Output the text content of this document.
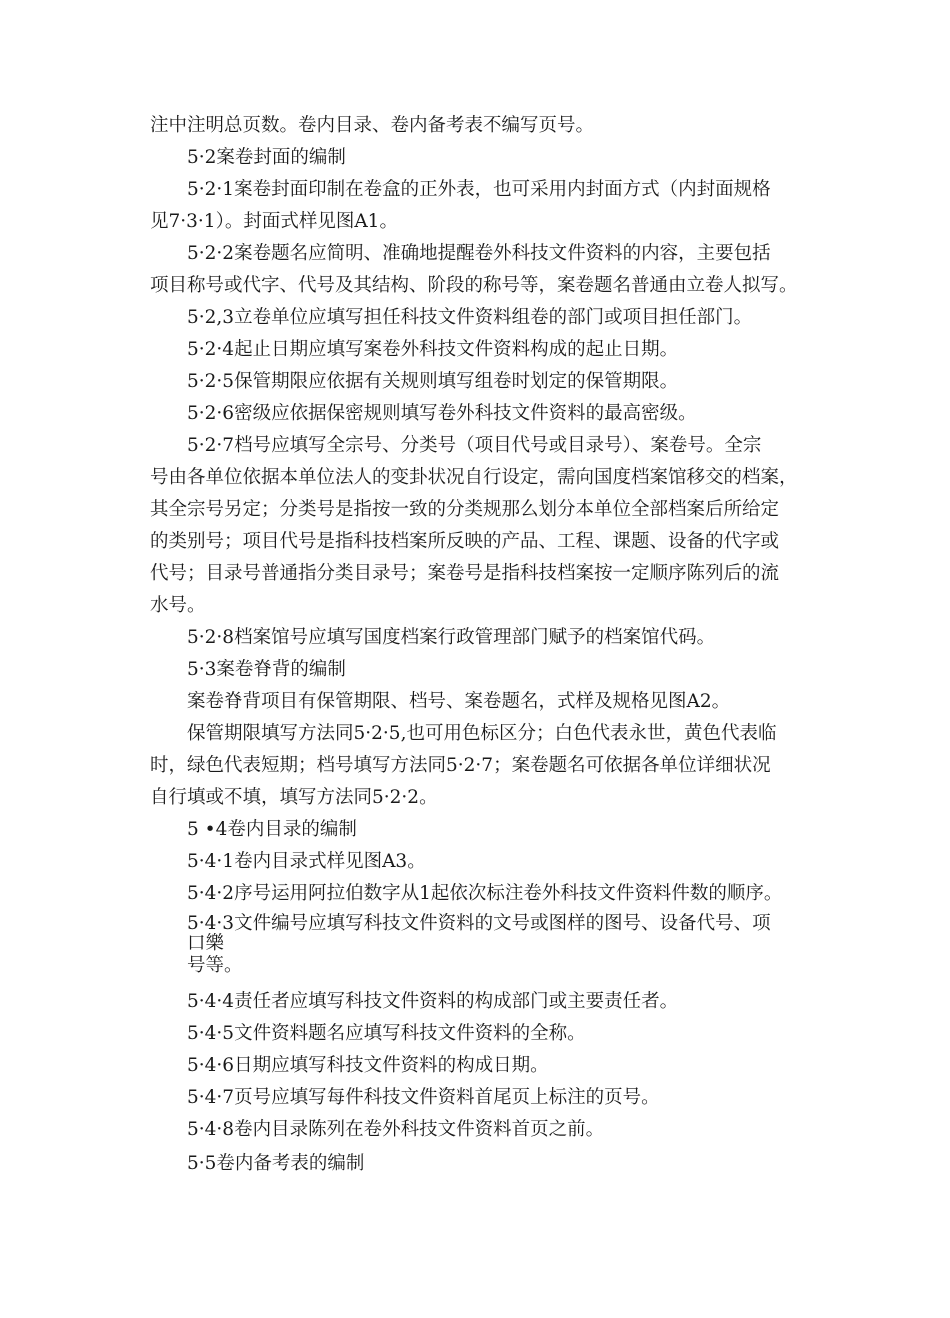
注中注明总页数。卷内目录、卷内备考表不编写页号。
5·2案卷封面的编制
5·2·1案卷封面印制在卷盒的正外表，也可采用内封面方式（内封面规格
见7·3·1）。封面式样见图A1。
5·2·2案卷题名应简明、准确地提醒卷外科技文件资料的内容，主要包括
项目称号或代字、代号及其结构、阶段的称号等，案卷题名普通由立卷人拟写。
5·2,3立卷单位应填写担任科技文件资料组卷的部门或项目担任部门。
5·2·4起止日期应填写案卷外科技文件资料构成的起止日期。
5·2·5保管期限应依据有关规则填写组卷时划定的保管期限。
5·2·6密级应依据保密规则填写卷外科技文件资料的最高密级。
5·2·7档号应填写全宗号、分类号（项目代号或目录号）、案卷号。全宗
号由各单位依据本单位法人的变卦状况自行设定，需向国度档案馆移交的档案，
其全宗号另定；分类号是指按一致的分类规那么划分本单位全部档案后所给定
的类别号；项目代号是指科技档案所反映的产品、工程、课题、设备的代字或
代号；目录号普通指分类目录号；案卷号是指科技档案按一定顺序陈列后的流
水号。
5·2·8档案馆号应填写国度档案行政管理部门赋予的档案馆代码。
5·3案卷脊背的编制
案卷脊背项目有保管期限、档号、案卷题名，式样及规格见图A2。
保管期限填写方法同5·2·5,也可用色标区分；白色代表永世，黄色代表临
时，绿色代表短期；档号填写方法同5·2·7；案卷题名可依据各单位详细状况
自行填或不填，填写方法同5·2·2。
5 •4卷内目录的编制
5·4·1卷内目录式样见图A3。
5·4·2序号运用阿拉伯数字从1起依次标注卷外科技文件资料件数的顺序。
5·4·3文件编号应填写科技文件资料的文号或图样的图号、设备代号、项
口樂
号等。
5·4·4责任者应填写科技文件资料的构成部门或主要责任者。
5·4·5文件资料题名应填写科技文件资料的全称。
5·4·6日期应填写科技文件资料的构成日期。
5·4·7页号应填写每件科技文件资料首尾页上标注的页号。
5·4·8卷内目录陈列在卷外科技文件资料首页之前。
5·5卷内备考表的编制
